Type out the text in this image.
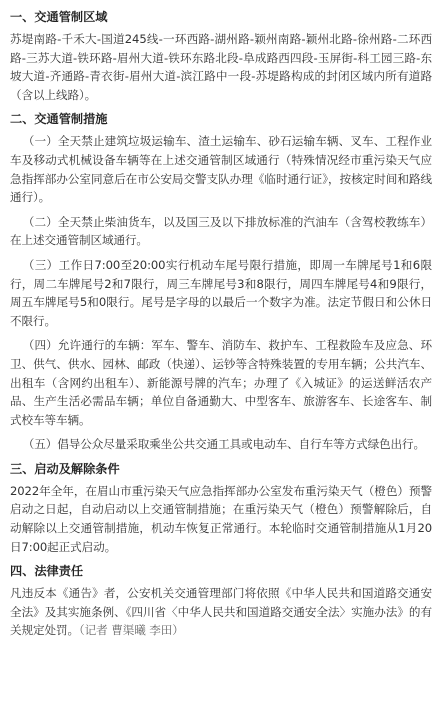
一、交通管制区域

苏堤南路-千禾大-国道245线-一环西路-湖州路-颖州南路-颖州北路-徐州路-二环西路-三苏大道-铁环路-眉州大道-铁环东路北段-阜成路西四段-玉屏街-科工园三路-东坡大道-齐通路-青衣街-眉州大道-滨江路中一段-苏堤路构成的封闭区域内所有道路（含以上线路）。

二、交通管制措施

（一）全天禁止建筑垃圾运输车、渣土运输车、砂石运输车辆、叉车、工程作业车及移动式机械设备车辆等在上述交通管制区域通行（特殊情况经市重污染天气应急指挥部办公室同意后在市公安局交警支队办理《临时通行证》，按核定时间和路线通行）。

（二）全天禁止柴油货车，以及国三及以下排放标准的汽油车（含驾校教练车）在上述交通管制区域通行。

（三）工作日7:00至20:00实行机动车尾号限行措施，即周一车牌尾号1和6限行，周二车牌尾号2和7限行，周三车牌尾号3和8限行，周四车牌尾号4和9限行，周五车牌尾号5和0限行。尾号是字母的以最后一个数字为准。法定节假日和公休日不限行。

（四）允许通行的车辆：军车、警车、消防车、救护车、工程救险车及应急、环卫、供气、供水、园林、邮政（快递）、运钞等含特殊装置的专用车辆；公共汽车、出租车（含网约出租车）、新能源号牌的汽车；办理了《入城证》的运送鲜活农产品、生产生活必需品车辆；单位自备通勤大、中型客车、旅游客车、长途客车、制式校车等车辆。

（五）倡导公众尽量采取乘坐公共交通工具或电动车、自行车等方式绿色出行。

三、启动及解除条件

2022年全年，在眉山市重污染天气应急指挥部办公室发布重污染天气（橙色）预警启动之日起，自动启动以上交通管制措施；在重污染天气（橙色）预警解除后，自动解除以上交通管制措施，机动车恢复正常通行。本轮临时交通管制措施从1月20日7:00起正式启动。

四、法律责任

凡违反本《通告》者，公安机关交通管理部门将依照《中华人民共和国道路交通安全法》及其实施条例、《四川省〈中华人民共和国道路交通安全法〉实施办法》的有关规定处罚。（记者 曹渠曦 李田）
